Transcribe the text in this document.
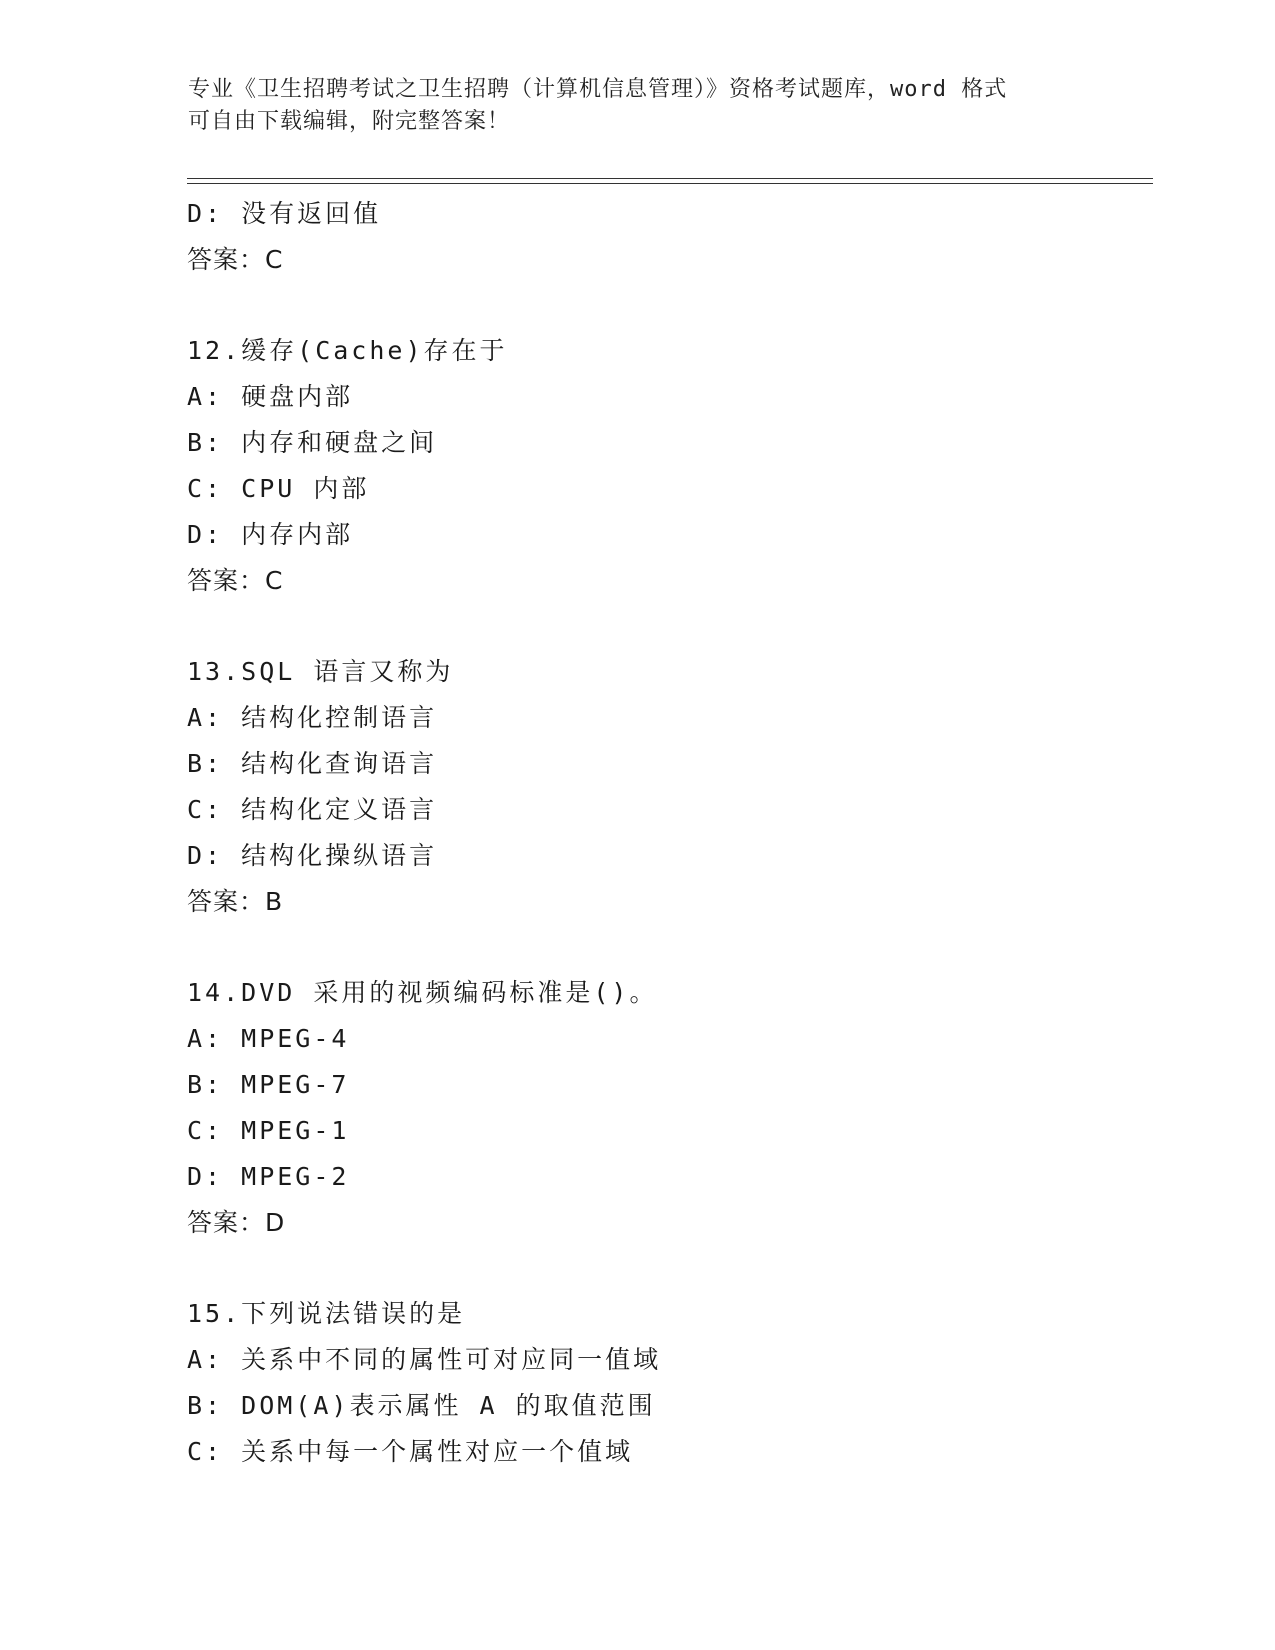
专业《卫生招聘考试之卫生招聘（计算机信息管理）》资格考试题库，word 格式
可自由下载编辑，附完整答案！
D: 没有返回值
答案：C
12.缓存(Cache)存在于
A: 硬盘内部
B: 内存和硬盘之间
C: CPU 内部
D: 内存内部
答案：C
13.SQL 语言又称为
A: 结构化控制语言
B: 结构化查询语言
C: 结构化定义语言
D: 结构化操纵语言
答案：B
14.DVD 采用的视频编码标准是()。
A: MPEG-4
B: MPEG-7
C: MPEG-1
D: MPEG-2
答案：D
15.下列说法错误的是
A: 关系中不同的属性可对应同一值域
B: DOM(A)表示属性 A 的取值范围
C: 关系中每一个属性对应一个值域
